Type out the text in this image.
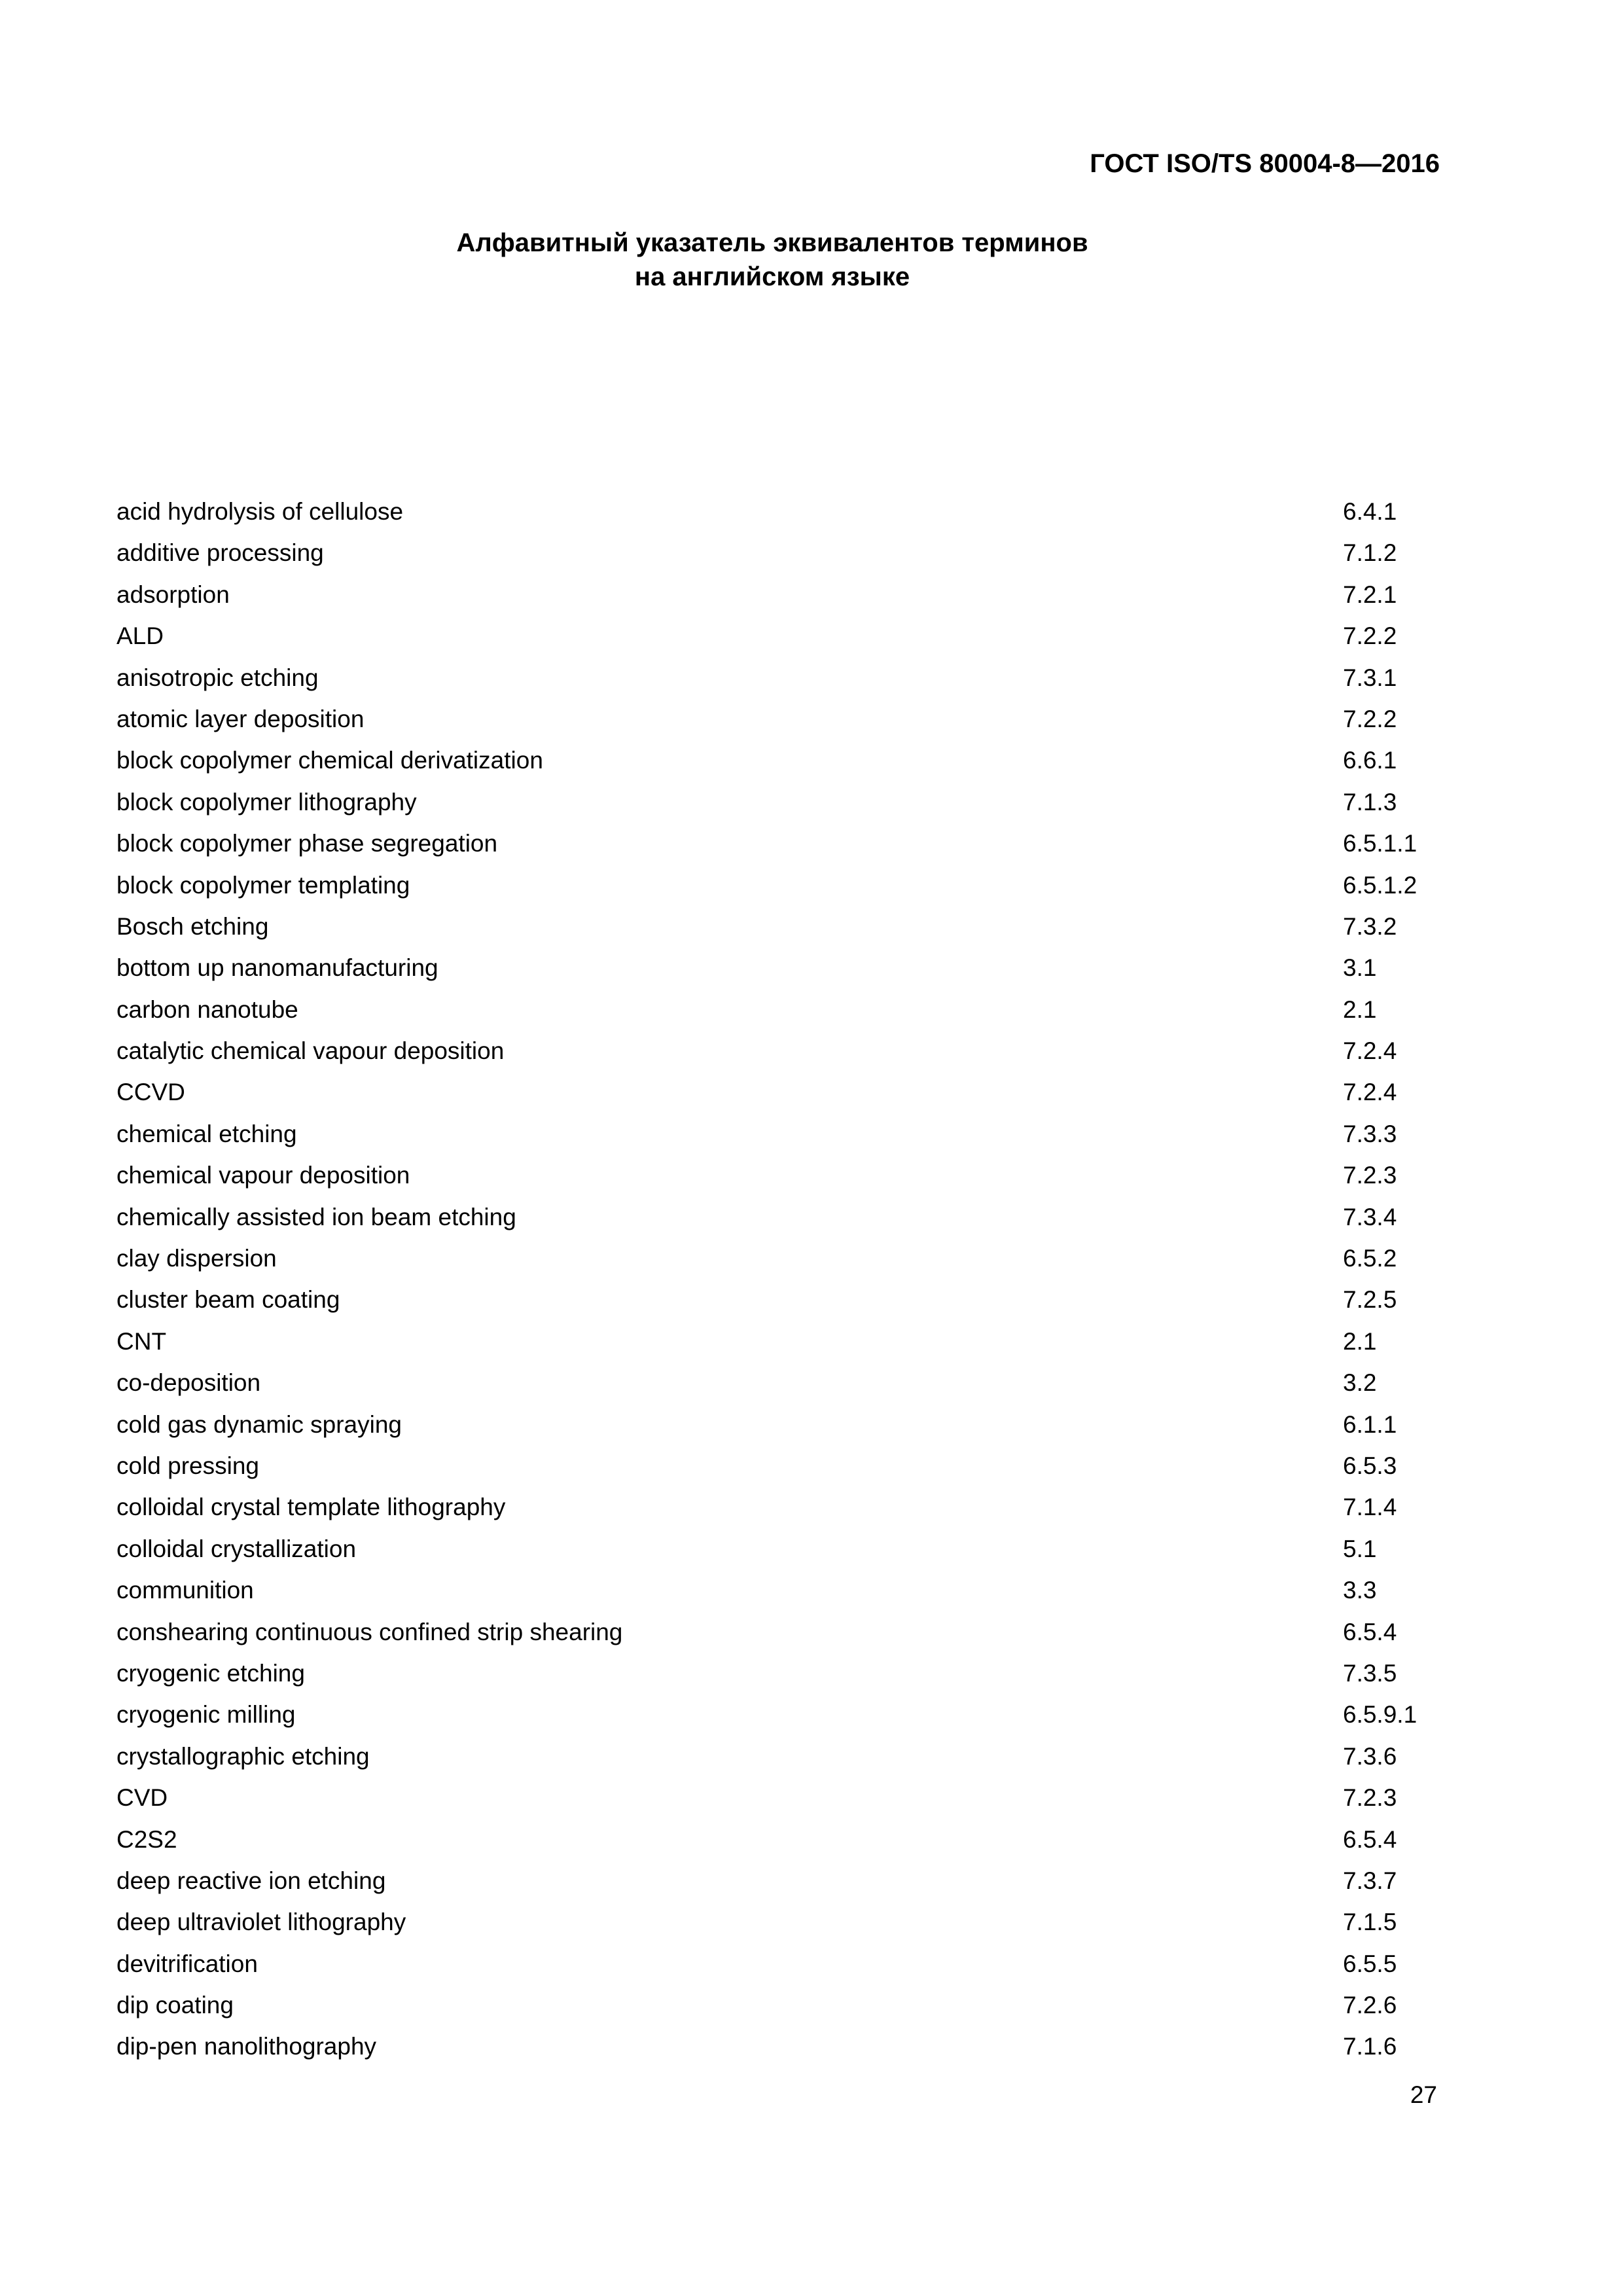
ГОСТ ISO/TS 80004-8—2016
Алфавитный указатель эквивалентов терминов
на английском языке
acid hydrolysis of cellulose	6.4.1
additive processing	7.1.2
adsorption	7.2.1
ALD	7.2.2
anisotropic etching	7.3.1
atomic layer deposition	7.2.2
block copolymer chemical derivatization	6.6.1
block copolymer lithography	7.1.3
block copolymer phase segregation	6.5.1.1
block copolymer templating	6.5.1.2
Bosch etching	7.3.2
bottom up nanomanufacturing	3.1
carbon nanotube	2.1
catalytic chemical vapour deposition	7.2.4
CCVD	7.2.4
chemical etching	7.3.3
chemical vapour deposition	7.2.3
chemically assisted ion beam etching	7.3.4
clay dispersion	6.5.2
cluster beam coating	7.2.5
CNT	2.1
co-deposition	3.2
cold gas dynamic spraying	6.1.1
cold pressing	6.5.3
colloidal crystal template lithography	7.1.4
colloidal crystallization	5.1
communition	3.3
conshearing continuous confined strip shearing	6.5.4
cryogenic etching	7.3.5
cryogenic milling	6.5.9.1
crystallographic etching	7.3.6
CVD	7.2.3
C2S2	6.5.4
deep reactive ion etching	7.3.7
deep ultraviolet lithography	7.1.5
devitrification	6.5.5
dip coating	7.2.6
dip-pen nanolithography	7.1.6
27
